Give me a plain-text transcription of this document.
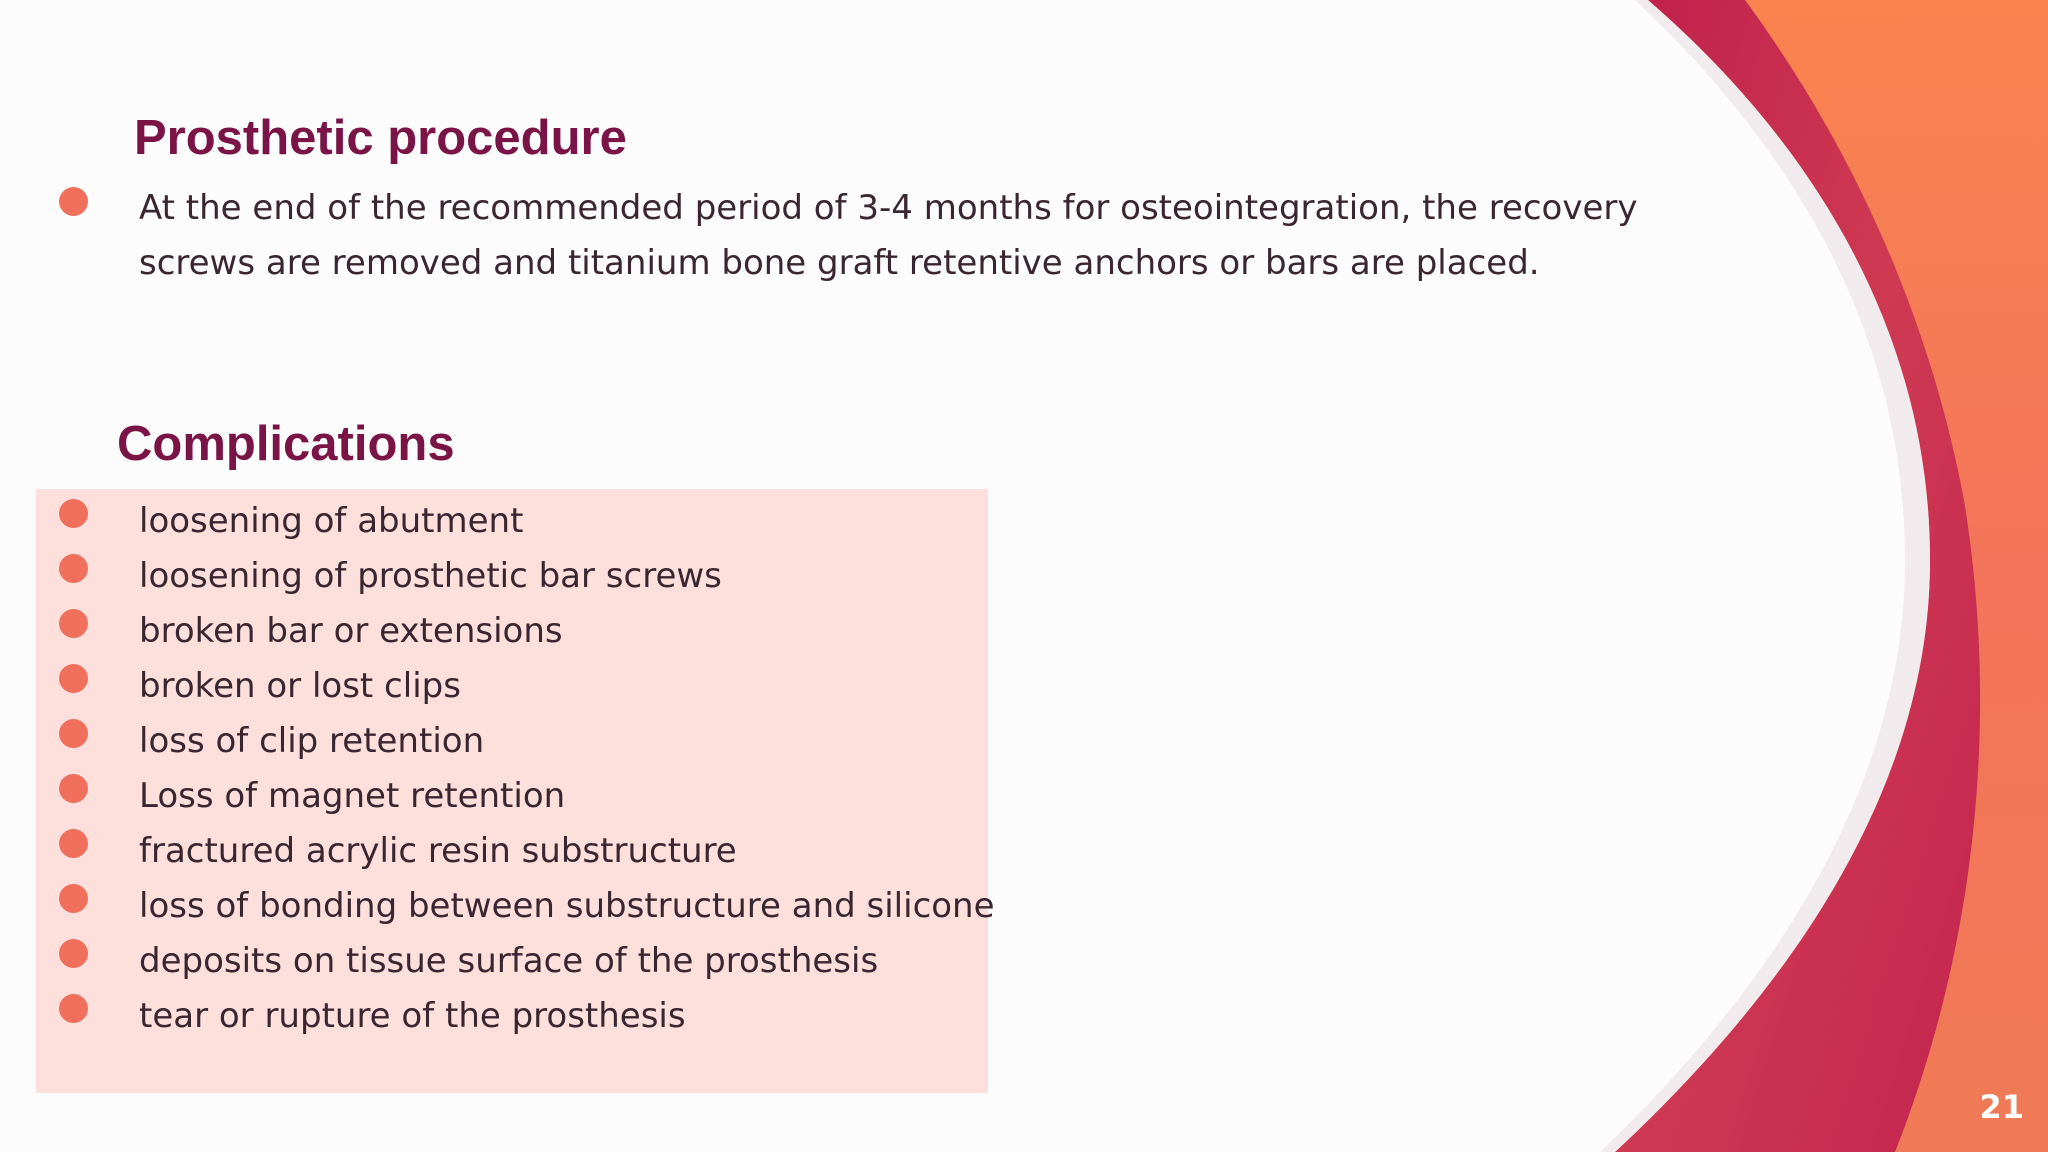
Prosthetic procedure

At the end of the recommended period of 3-4 months for osteointegration, the recovery screws are removed and titanium bone graft retentive anchors or bars are placed.

Complications
loosening of abutment
loosening of prosthetic bar screws
broken bar or extensions
broken or lost clips
loss of clip retention
Loss of magnet retention
fractured acrylic resin substructure
loss of bonding between substructure and silicone
deposits on tissue surface of the prosthesis
tear or rupture of the prosthesis
21
